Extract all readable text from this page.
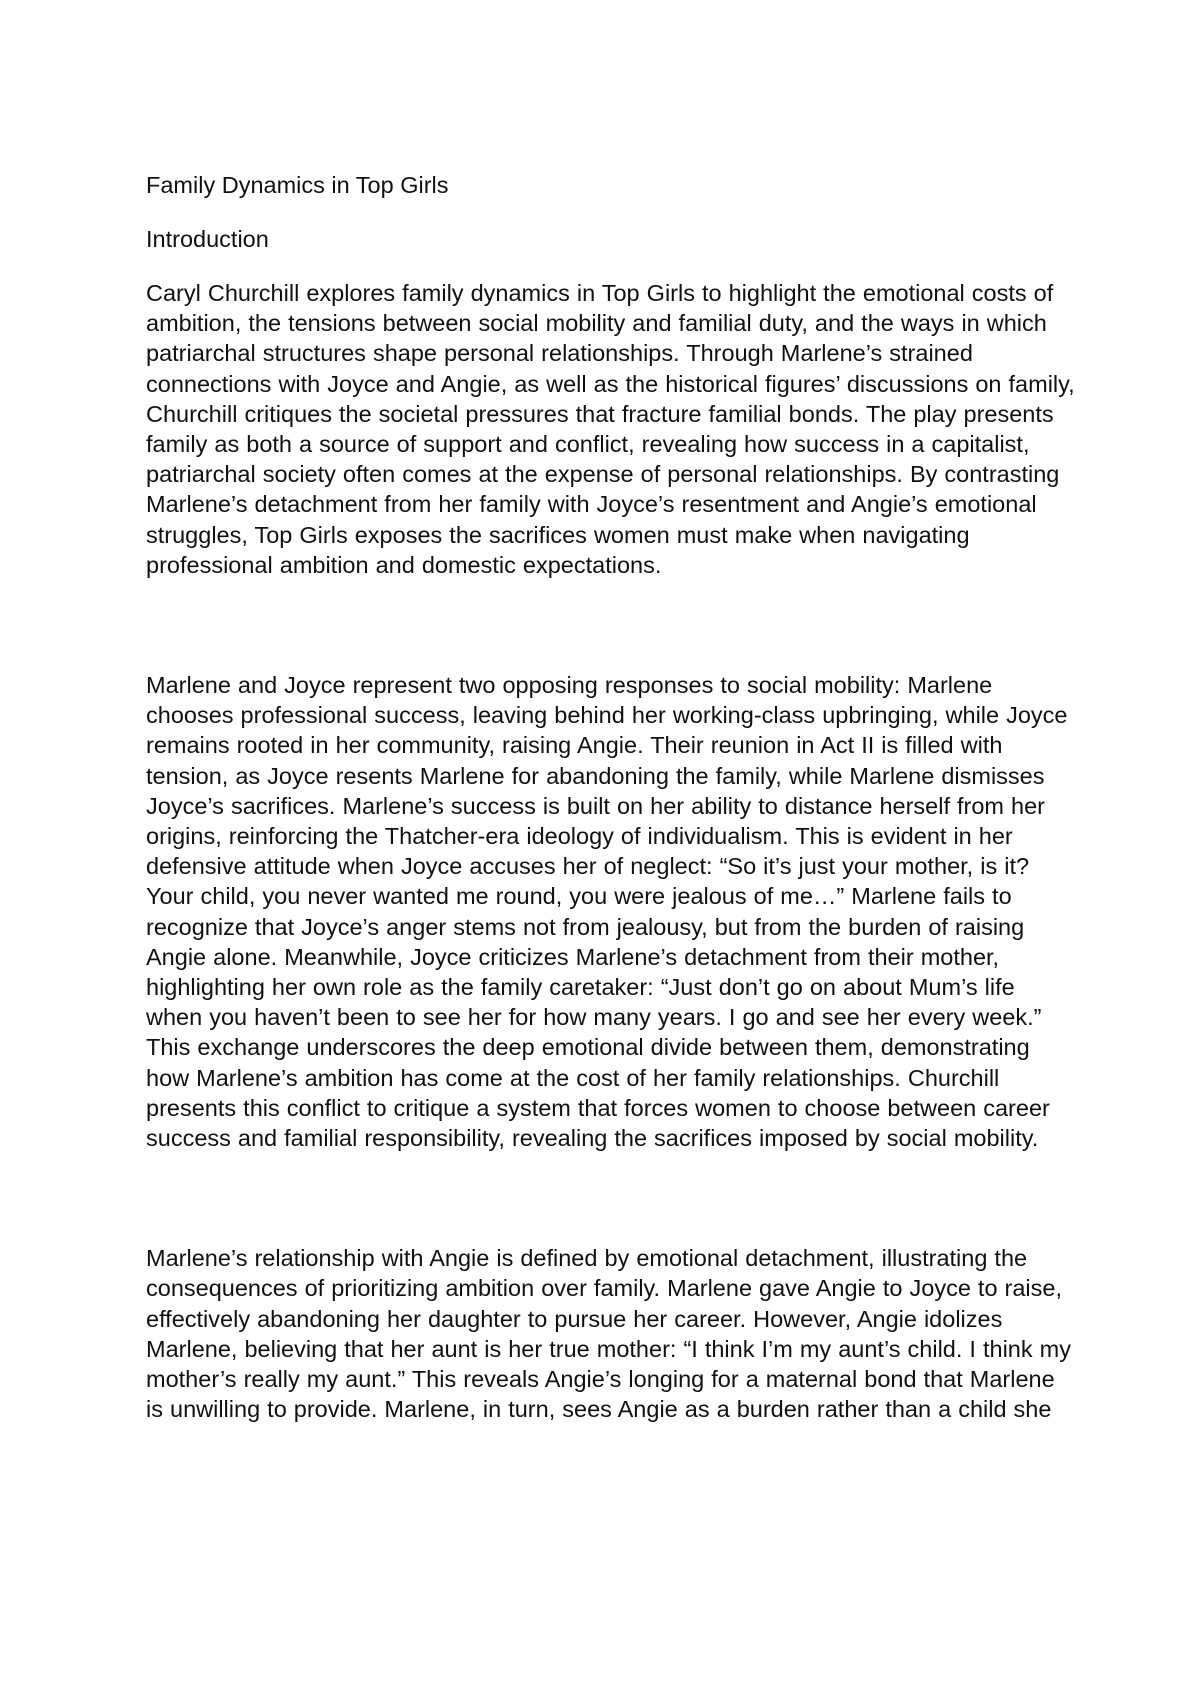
Family Dynamics in Top Girls

Introduction

Caryl Churchill explores family dynamics in Top Girls to highlight the emotional costs of ambition, the tensions between social mobility and familial duty, and the ways in which patriarchal structures shape personal relationships. Through Marlene’s strained connections with Joyce and Angie, as well as the historical figures’ discussions on family, Churchill critiques the societal pressures that fracture familial bonds. The play presents family as both a source of support and conflict, revealing how success in a capitalist, patriarchal society often comes at the expense of personal relationships. By contrasting Marlene’s detachment from her family with Joyce’s resentment and Angie’s emotional struggles, Top Girls exposes the sacrifices women must make when navigating professional ambition and domestic expectations.

Marlene and Joyce represent two opposing responses to social mobility: Marlene chooses professional success, leaving behind her working-class upbringing, while Joyce remains rooted in her community, raising Angie. Their reunion in Act II is filled with tension, as Joyce resents Marlene for abandoning the family, while Marlene dismisses Joyce’s sacrifices. Marlene’s success is built on her ability to distance herself from her origins, reinforcing the Thatcher-era ideology of individualism. This is evident in her defensive attitude when Joyce accuses her of neglect: “So it’s just your mother, is it? Your child, you never wanted me round, you were jealous of me…” Marlene fails to recognize that Joyce’s anger stems not from jealousy, but from the burden of raising Angie alone. Meanwhile, Joyce criticizes Marlene’s detachment from their mother, highlighting her own role as the family caretaker: “Just don’t go on about Mum’s life when you haven’t been to see her for how many years. I go and see her every week.” This exchange underscores the deep emotional divide between them, demonstrating how Marlene’s ambition has come at the cost of her family relationships. Churchill presents this conflict to critique a system that forces women to choose between career success and familial responsibility, revealing the sacrifices imposed by social mobility.

Marlene’s relationship with Angie is defined by emotional detachment, illustrating the consequences of prioritizing ambition over family. Marlene gave Angie to Joyce to raise, effectively abandoning her daughter to pursue her career. However, Angie idolizes Marlene, believing that her aunt is her true mother: “I think I’m my aunt’s child. I think my mother’s really my aunt.” This reveals Angie’s longing for a maternal bond that Marlene is unwilling to provide. Marlene, in turn, sees Angie as a burden rather than a child she
